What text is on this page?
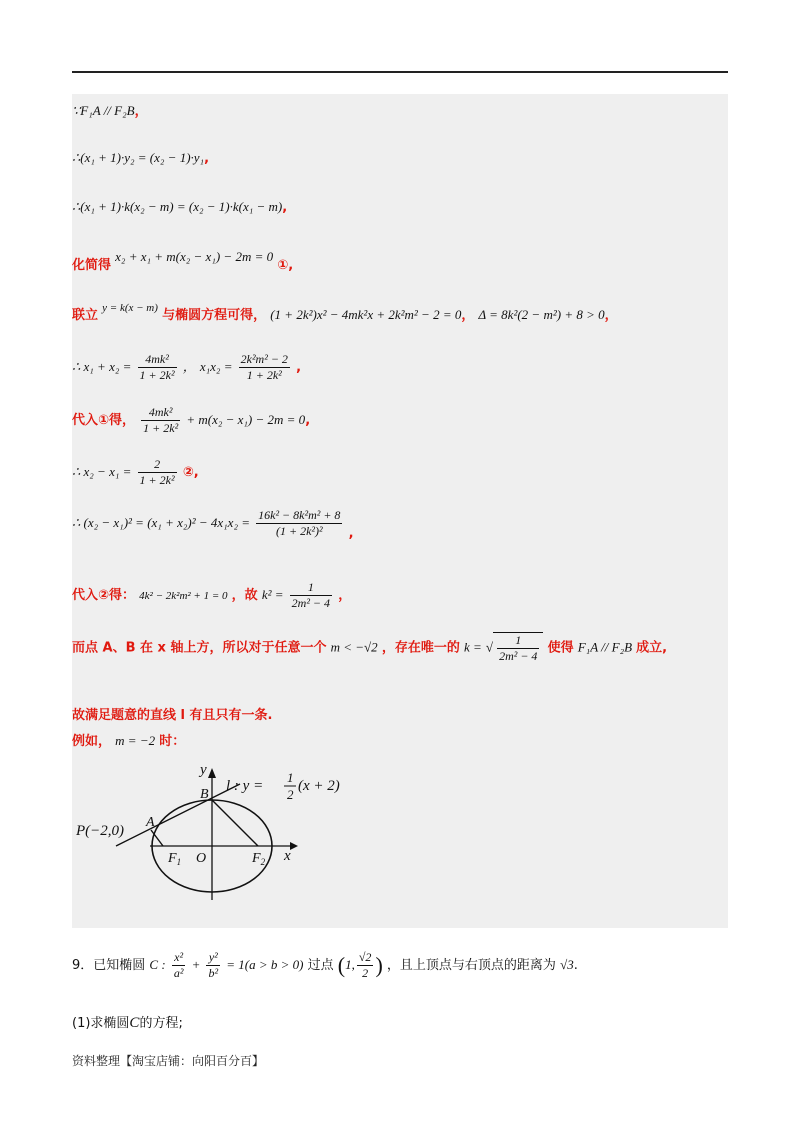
∵F₁A // F₂B，
∴(x₁ + 1)·y₂ = (x₂ − 1)·y₁,
∴(x₁ + 1)·k(x₂ − m) = (x₂ − 1)·k(x₁ − m),
化简得 x₂ + x₁ + m(x₂ − x₁) − 2m = 0 ①,
联立 $^{y = k(x - m)}$ 与椭圆方程可得， (1 + 2k²)x² − 4mk²x + 2k²m² − 2 = 0， Δ = 8k²(2 − m²) + 8 > 0，
∴ $x_1 + x_2 = \frac{\text{4mk²}}{\text{1 + 2k²}}$ ， $x_1x_2 = \frac{\text{2k²m² − 2}}{\text{1 + 2k²}}$ ,
代入①得， $\frac{\text{4mk²}}{\text{1 + 2k²}} + m(x_2 - x_1) - 2m = 0$,
∴ $x_2 - x_1 = \frac{2}{\text{1 + 2k²}}$ ②,
∴ $(x_2 - x_1)^2 = (x_1 + x_2)^2 - 4x_1x_2 = \frac{\text{16k² − 8k²m² + 8}}{\text{(1 + 2k²)²}}$ ,
代入②得： 4k² − 2k²m² + 1 = 0 ，故 $k^2 = \frac{1}{\text{2m² − 4}}$ ，
而点 A、B 在 x 轴上方，所以对于任意一个 m < −√2 ，存在唯一的 k = √ $\frac{1}{\text{2m² − 4}}$ 使得 F₁A // F₂B 成立,
故满足题意的直线 l 有且只有一条.
例如， m = −2 时：
y
x
B
A
P(−2,0)
O
$F_1$	$F_2$
l : y =
1
2
(x + 2)
9．已知椭圆 C : $\frac{\text{x²}}{\text{a²}} + \frac{\text{y²}}{\text{b²}} = 1(a > b > 0)$ 过点 (1, $\frac{√2}{2}$ ) ，且上顶点与右顶点的距离为 √3.
(1)求椭圆C的方程;
资料整理【淘宝店铺：向阳百分百】
